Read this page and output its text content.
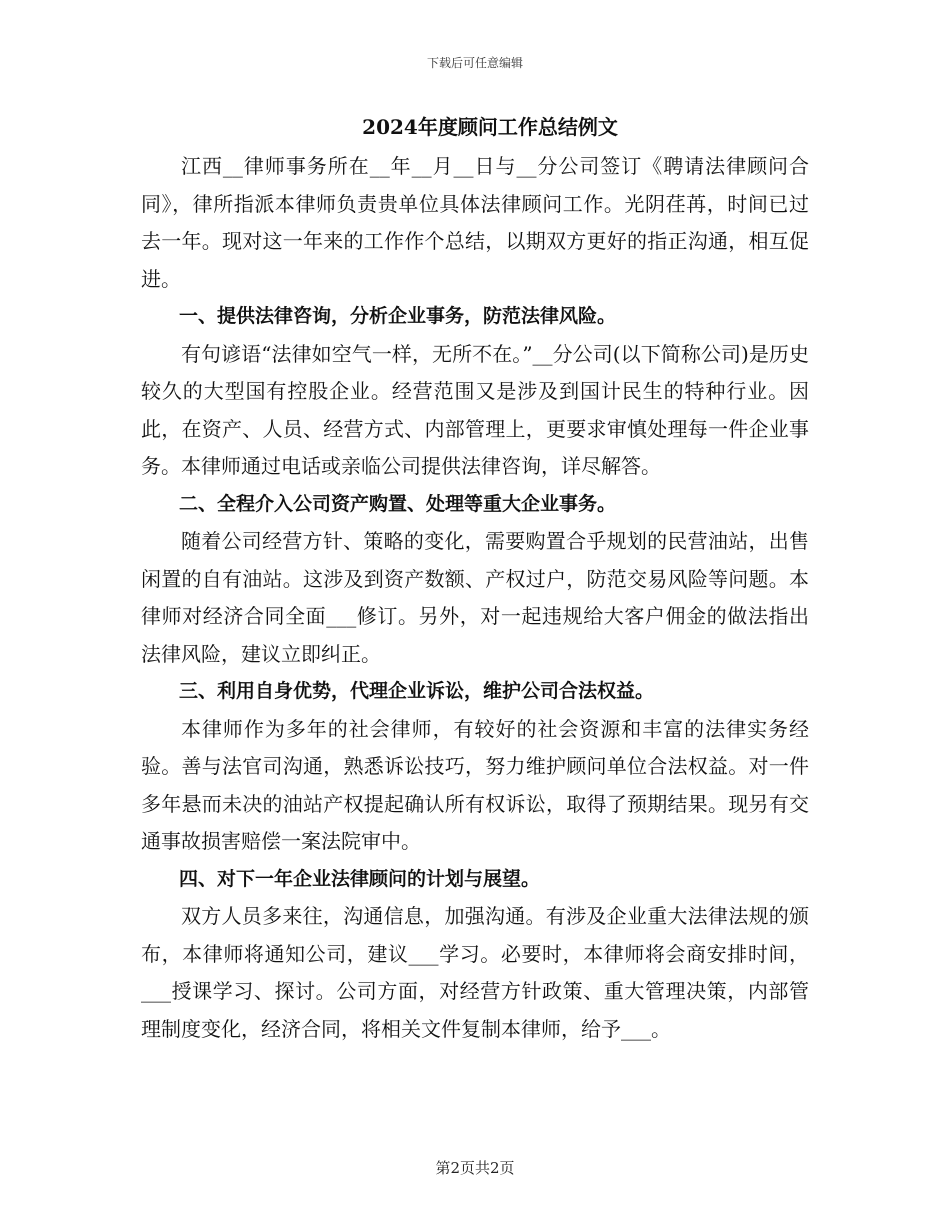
下载后可任意编辑
2024年度顾问工作总结例文

江西__律师事务所在__年__月__日与__分公司签订《聘请法律顾问合同》，律所指派本律师负责贵单位具体法律顾问工作。光阴荏苒，时间已过去一年。现对这一年来的工作作个总结，以期双方更好的指正沟通，相互促进。

一、提供法律咨询，分析企业事务，防范法律风险。

有句谚语“法律如空气一样，无所不在。”__分公司(以下简称公司)是历史较久的大型国有控股企业。经营范围又是涉及到国计民生的特种行业。因此，在资产、人员、经营方式、内部管理上，更要求审慎处理每一件企业事务。本律师通过电话或亲临公司提供法律咨询，详尽解答。

二、全程介入公司资产购置、处理等重大企业事务。

随着公司经营方针、策略的变化，需要购置合乎规划的民营油站，出售闲置的自有油站。这涉及到资产数额、产权过户，防范交易风险等问题。本律师对经济合同全面___修订。另外，对一起违规给大客户佣金的做法指出法律风险，建议立即纠正。

三、利用自身优势，代理企业诉讼，维护公司合法权益。

本律师作为多年的社会律师，有较好的社会资源和丰富的法律实务经验。善与法官司沟通，熟悉诉讼技巧，努力维护顾问单位合法权益。对一件多年悬而未决的油站产权提起确认所有权诉讼，取得了预期结果。现另有交通事故损害赔偿一案法院审中。

四、对下一年企业法律顾问的计划与展望。

双方人员多来往，沟通信息，加强沟通。有涉及企业重大法律法规的颁布，本律师将通知公司，建议___学习。必要时，本律师将会商安排时间，___授课学习、探讨。公司方面，对经营方针政策、重大管理决策，内部管理制度变化，经济合同，将相关文件复制本律师，给予___。

第2页共2页
